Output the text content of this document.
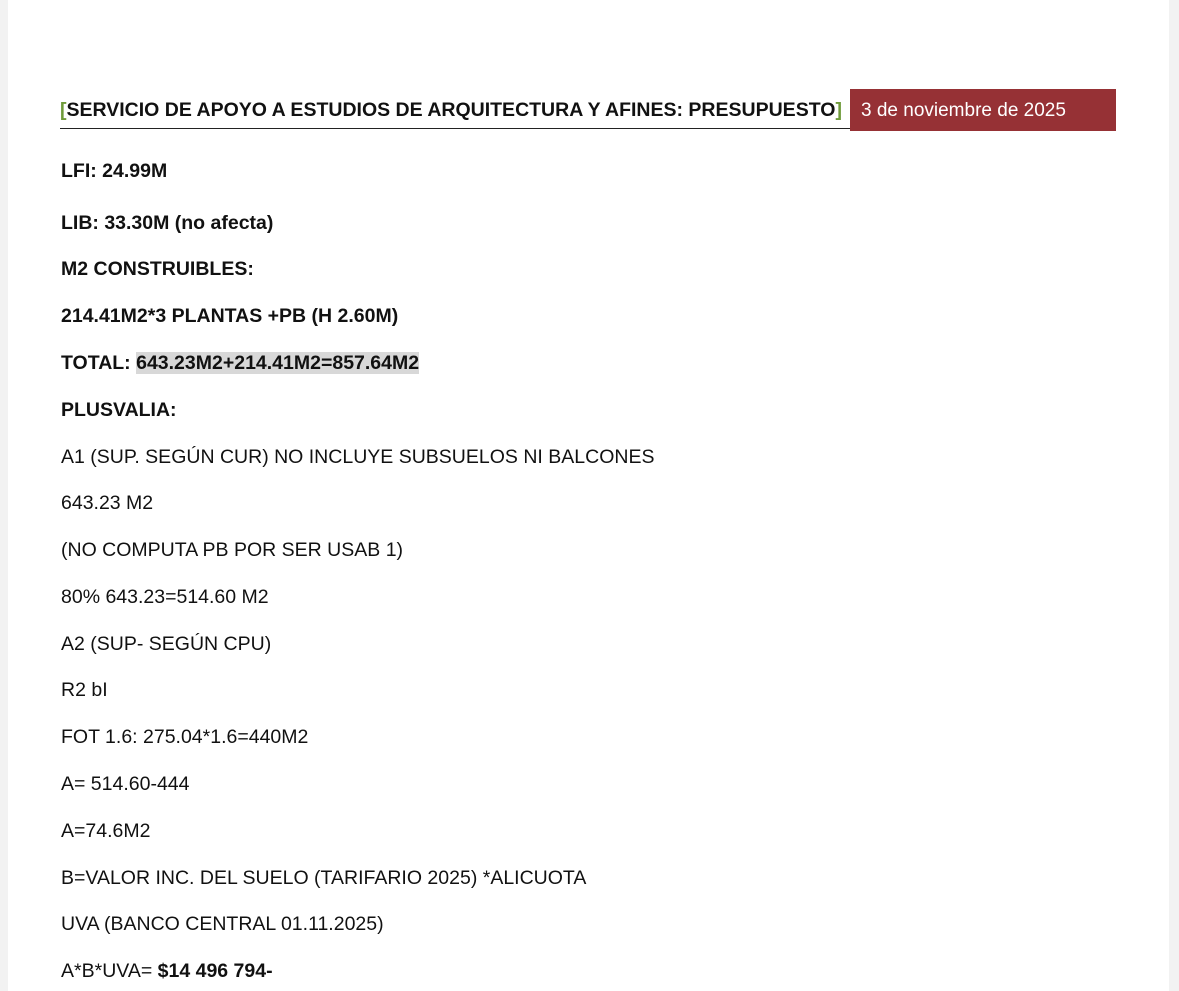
[SERVICIO DE APOYO A ESTUDIOS DE ARQUITECTURA Y AFINES: PRESUPUESTO]	3 de noviembre de 2025
LFI: 24.99M
LIB: 33.30M (no afecta)
M2 CONSTRUIBLES:
214.41M2*3 PLANTAS +PB (H 2.60M)
TOTAL: 643.23M2+214.41M2=857.64M2
PLUSVALIA:
A1 (SUP. SEGÚN CUR) NO INCLUYE SUBSUELOS NI BALCONES
643.23 M2
(NO COMPUTA PB POR SER USAB 1)
80% 643.23=514.60 M2
A2 (SUP- SEGÚN CPU)
R2 bI
FOT 1.6: 275.04*1.6=440M2
A= 514.60-444
A=74.6M2
B=VALOR INC. DEL SUELO (TARIFARIO 2025) *ALICUOTA
UVA (BANCO CENTRAL 01.11.2025)
A*B*UVA= $14 496 794-
